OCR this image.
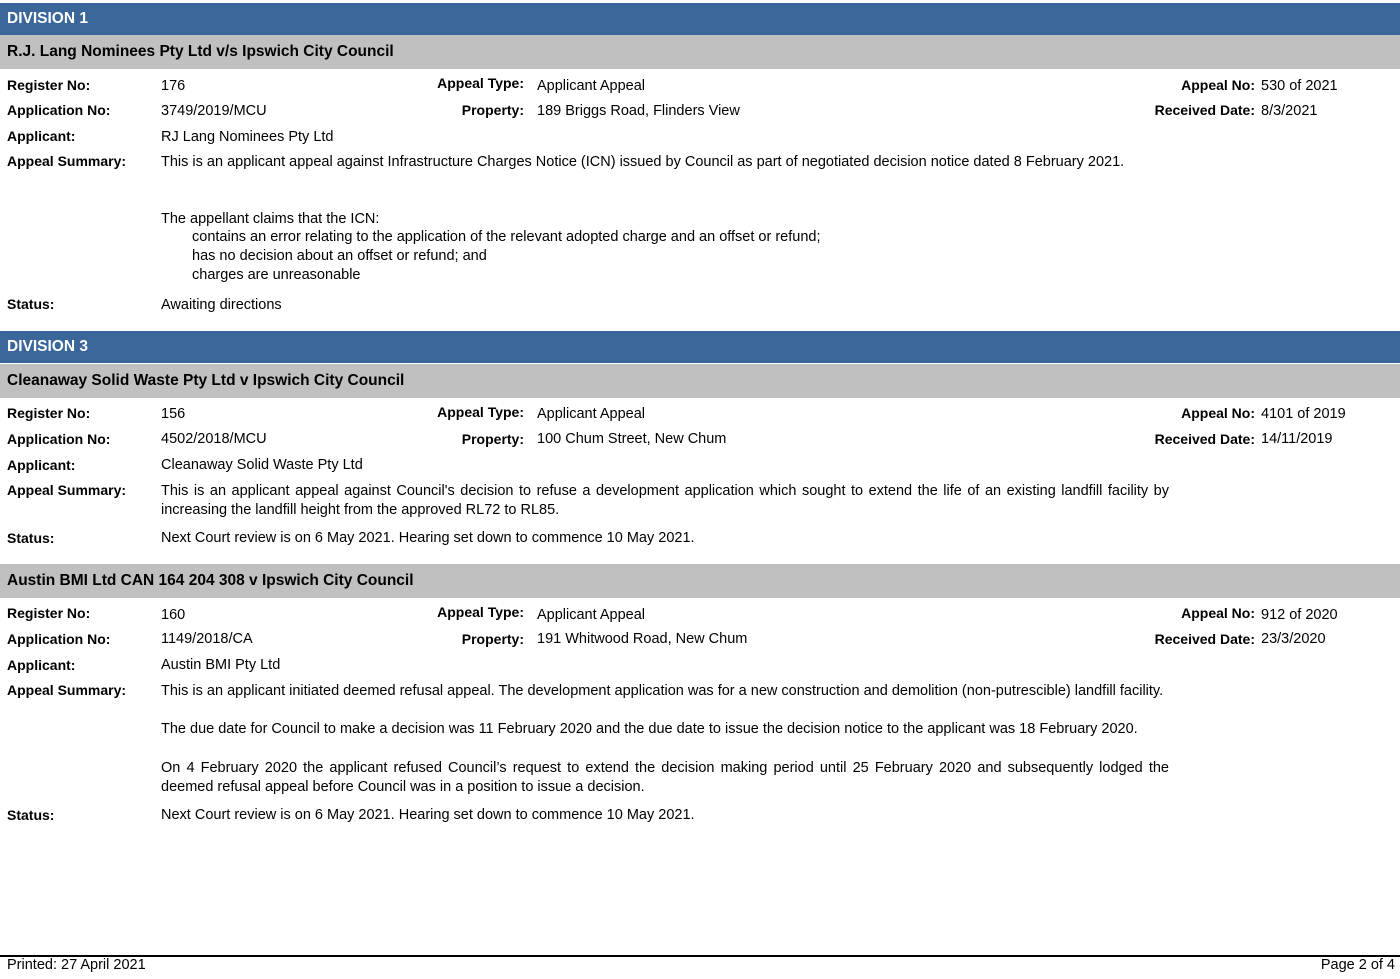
DIVISION 1
R.J. Lang Nominees Pty Ltd v/s Ipswich City Council
Register No:	176	Appeal Type: Applicant Appeal	Appeal No: 530 of 2021
Application No:	3749/2019/MCU	Property: 189 Briggs Road, Flinders View	Received Date: 8/3/2021
Applicant:	RJ Lang Nominees Pty Ltd
Appeal Summary: This is an applicant appeal against Infrastructure Charges Notice (ICN) issued by Council as part of negotiated decision notice dated 8 February 2021.

The appellant claims that the ICN:

contains an error relating to the application of the relevant adopted charge and an offset or refund;
has no decision about an offset or refund; and
charges are unreasonable
Status:	Awaiting directions
DIVISION 3
Cleanaway Solid Waste Pty Ltd v Ipswich City Council
Register No:	156	Appeal Type: Applicant Appeal	Appeal No: 4101 of 2019
Application No:	4502/2018/MCU	Property: 100 Chum Street, New Chum	Received Date: 14/11/2019
Applicant:	Cleanaway Solid Waste Pty Ltd
Appeal Summary: This is an applicant appeal against Council's decision to refuse a development application which sought to extend the life of an existing landfill facility by increasing the landfill height from the approved RL72 to RL85.

Status:	Next Court review is on 6 May 2021. Hearing set down to commence 10 May 2021.
Austin BMI Ltd CAN 164 204 308 v Ipswich City Council
Register No:	160	Appeal Type: Applicant Appeal	Appeal No: 912 of 2020
Application No:	1149/2018/CA	Property: 191 Whitwood Road, New Chum	Received Date: 23/3/2020
Applicant:	Austin BMI Pty Ltd
Appeal Summary: This is an applicant initiated deemed refusal appeal. The development application was for a new construction and demolition (non-putrescible) landfill facility.

The due date for Council to make a decision was 11 February 2020 and the due date to issue the decision notice to the applicant was 18 February 2020.

On 4 February 2020 the applicant refused Council’s request to extend the decision making period until 25 February 2020 and subsequently lodged the deemed refusal appeal before Council was in a position to issue a decision.

Status:	Next Court review is on 6 May 2021. Hearing set down to commence 10 May 2021.
Printed: 27 April 2021	Page 2 of 4
